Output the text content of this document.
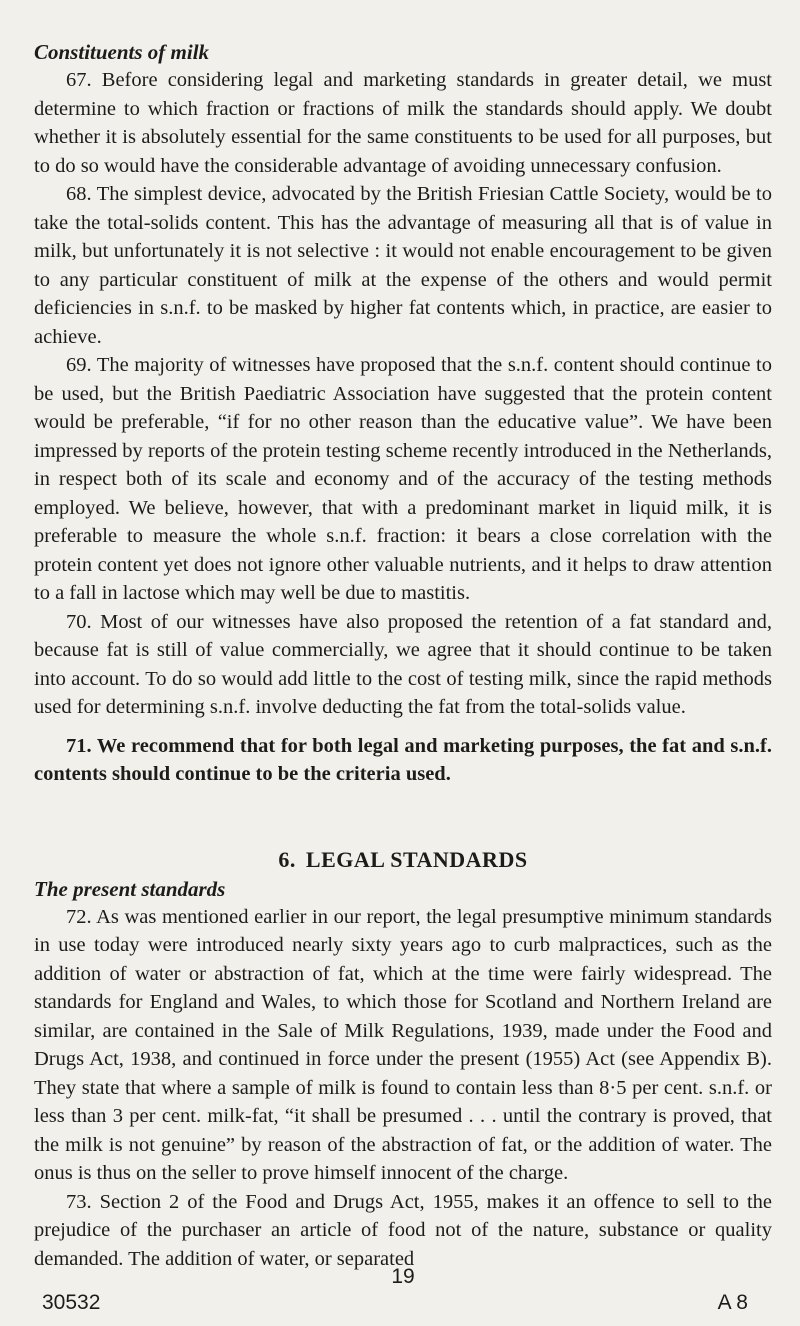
Constituents of milk

67. Before considering legal and marketing standards in greater detail, we must determine to which fraction or fractions of milk the standards should apply. We doubt whether it is absolutely essential for the same constituents to be used for all purposes, but to do so would have the considerable advantage of avoiding unnecessary confusion.

68. The simplest device, advocated by the British Friesian Cattle Society, would be to take the total-solids content. This has the advantage of measuring all that is of value in milk, but unfortunately it is not selective : it would not enable encouragement to be given to any particular constituent of milk at the expense of the others and would permit deficiencies in s.n.f. to be masked by higher fat contents which, in practice, are easier to achieve.

69. The majority of witnesses have proposed that the s.n.f. content should continue to be used, but the British Paediatric Association have suggested that the protein content would be preferable, “if for no other reason than the educative value”. We have been impressed by reports of the protein testing scheme recently introduced in the Netherlands, in respect both of its scale and economy and of the accuracy of the testing methods employed. We believe, however, that with a predominant market in liquid milk, it is preferable to measure the whole s.n.f. fraction: it bears a close correlation with the protein content yet does not ignore other valuable nutrients, and it helps to draw attention to a fall in lactose which may well be due to mastitis.

70. Most of our witnesses have also proposed the retention of a fat standard and, because fat is still of value commercially, we agree that it should continue to be taken into account. To do so would add little to the cost of testing milk, since the rapid methods used for determining s.n.f. involve deducting the fat from the total-solids value.

71. We recommend that for both legal and marketing purposes, the fat and s.n.f. contents should continue to be the criteria used.

6. LEGAL STANDARDS
The present standards

72. As was mentioned earlier in our report, the legal presumptive minimum standards in use today were introduced nearly sixty years ago to curb malpractices, such as the addition of water or abstraction of fat, which at the time were fairly widespread. The standards for England and Wales, to which those for Scotland and Northern Ireland are similar, are contained in the Sale of Milk Regulations, 1939, made under the Food and Drugs Act, 1938, and continued in force under the present (1955) Act (see Appendix B). They state that where a sample of milk is found to contain less than 8·5 per cent. s.n.f. or less than 3 per cent. milk-fat, “it shall be presumed . . . until the contrary is proved, that the milk is not genuine” by reason of the abstraction of fat, or the addition of water. The onus is thus on the seller to prove himself innocent of the charge.

73. Section 2 of the Food and Drugs Act, 1955, makes it an offence to sell to the prejudice of the purchaser an article of food not of the nature, substance or quality demanded. The addition of water, or separated

19
30532	A 8
